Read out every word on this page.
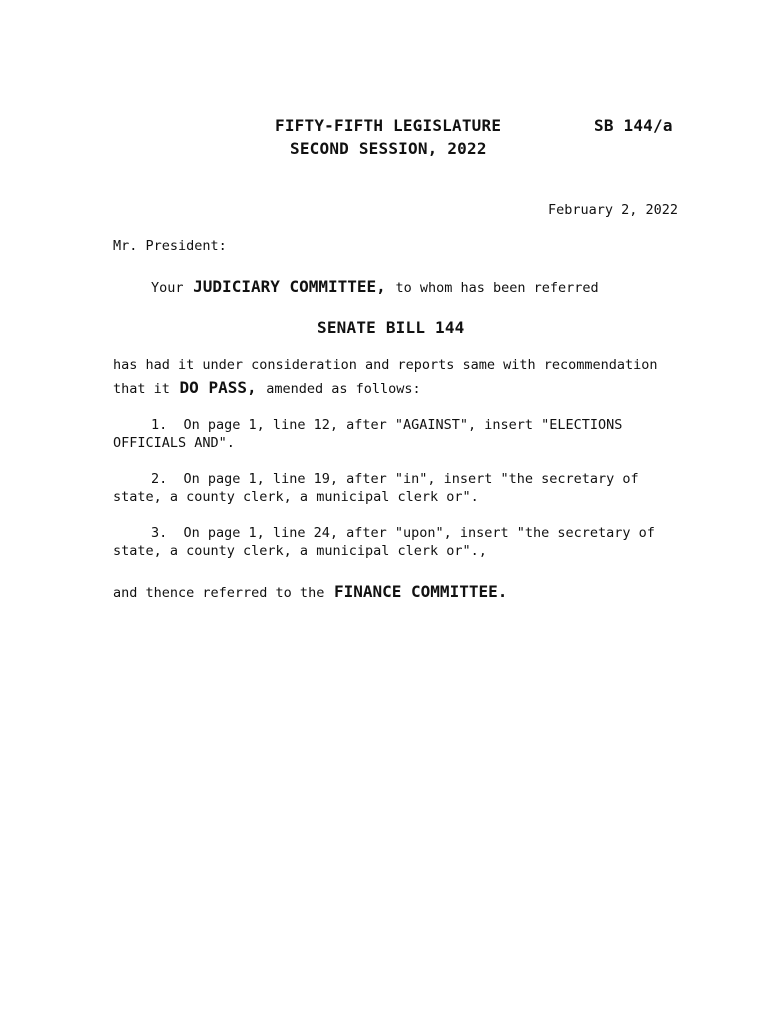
FIFTY-FIFTH LEGISLATURE	SB 144/a
SECOND SESSION, 2022
February 2, 2022
Mr. President:
Your JUDICIARY COMMITTEE, to whom has been referred
SENATE BILL 144
has had it under consideration and reports same with recommendation
that it DO PASS, amended as follows:
1. On page 1, line 12, after "AGAINST", insert "ELECTIONS
OFFICIALS AND".
2. On page 1, line 19, after "in", insert "the secretary of
state, a county clerk, a municipal clerk or".
3. On page 1, line 24, after "upon", insert "the secretary of
state, a county clerk, a municipal clerk or".,
and thence referred to the FINANCE COMMITTEE.
